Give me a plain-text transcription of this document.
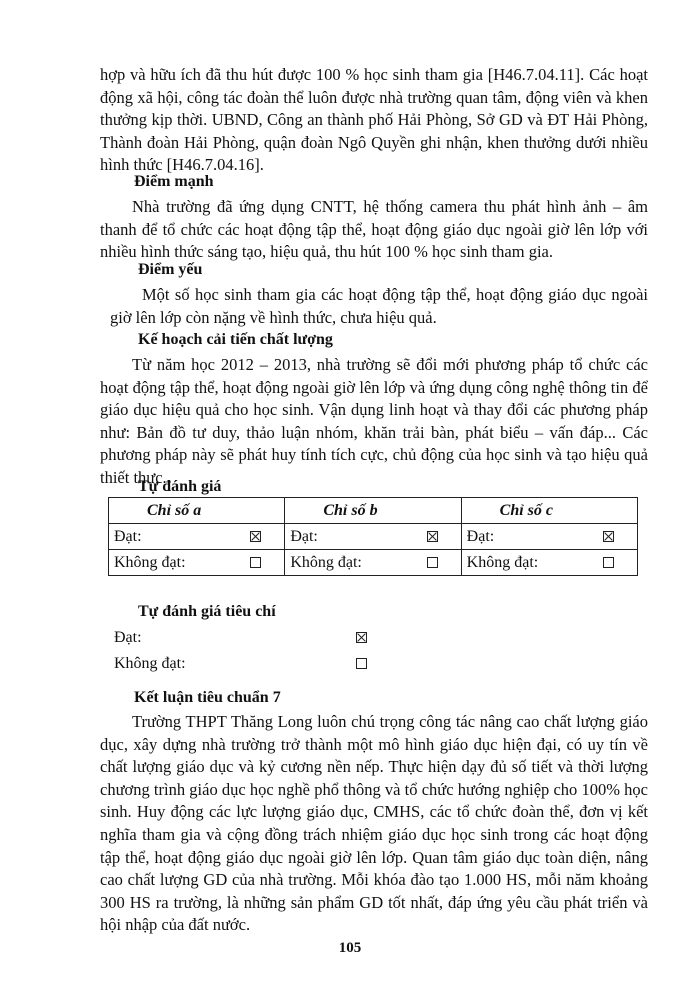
hợp và hữu ích đã thu hút được 100 % học sinh tham gia [H46.7.04.11]. Các hoạt động xã hội, công tác đoàn thể luôn được nhà trường quan tâm, động viên và khen thưởng kịp thời. UBND, Công an thành phố Hải Phòng, Sở GD và ĐT Hải Phòng, Thành đoàn Hải Phòng, quận đoàn Ngô Quyền ghi nhận, khen thưởng dưới nhiều hình thức [H46.7.04.16].

Điểm mạnh

Nhà trường đã ứng dụng CNTT, hệ thống camera thu phát hình ảnh – âm thanh để tổ chức các hoạt động tập thể, hoạt động giáo dục ngoài giờ lên lớp với nhiều hình thức sáng tạo, hiệu quả, thu hút 100 % học sinh tham gia.

Điểm yếu

Một số học sinh tham gia các hoạt động tập thể, hoạt động giáo dục ngoài giờ lên lớp còn nặng về hình thức, chưa hiệu quả.

Kế hoạch cải tiến chất lượng

Từ năm học 2012 – 2013, nhà trường sẽ đổi mới phương pháp tổ chức các hoạt động tập thể, hoạt động ngoài giờ lên lớp và ứng dụng công nghệ thông tin để giáo dục hiệu quả cho học sinh. Vận dụng linh hoạt và thay đổi các phương pháp như: Bản đồ tư duy, thảo luận nhóm, khăn trải bàn, phát biểu – vấn đáp... Các phương pháp này sẽ phát huy tính tích cực, chủ động của học sinh và tạo hiệu quả thiết thực.

Tự đánh giá
Chỉ số a	Chỉ số b	Chỉ số c

Đạt:	Đạt:	Đạt:

Không đạt:	Không đạt:	Không đạt:
Tự đánh giá tiêu chí
Đạt:
Không đạt:
Kết luận tiêu chuẩn 7

Trường THPT Thăng Long luôn chú trọng công tác nâng cao chất lượng giáo dục, xây dựng nhà trường trở thành một mô hình giáo dục hiện đại, có uy tín về chất lượng giáo dục và kỷ cương nền nếp. Thực hiện dạy đủ số tiết và thời lượng chương trình giáo dục học nghề phổ thông và tổ chức hướng nghiệp cho 100% học sinh. Huy động các lực lượng giáo dục, CMHS, các tổ chức đoàn thể, đơn vị kết nghĩa tham gia và cộng đồng trách nhiệm giáo dục học sinh trong các hoạt động tập thể, hoạt động giáo dục ngoài giờ lên lớp. Quan tâm giáo dục toàn diện, nâng cao chất lượng GD của nhà trường. Mỗi khóa đào tạo 1.000 HS, mỗi năm khoảng 300 HS ra trường, là những sản phẩm GD tốt nhất, đáp ứng yêu cầu phát triển và hội nhập của đất nước.

105
